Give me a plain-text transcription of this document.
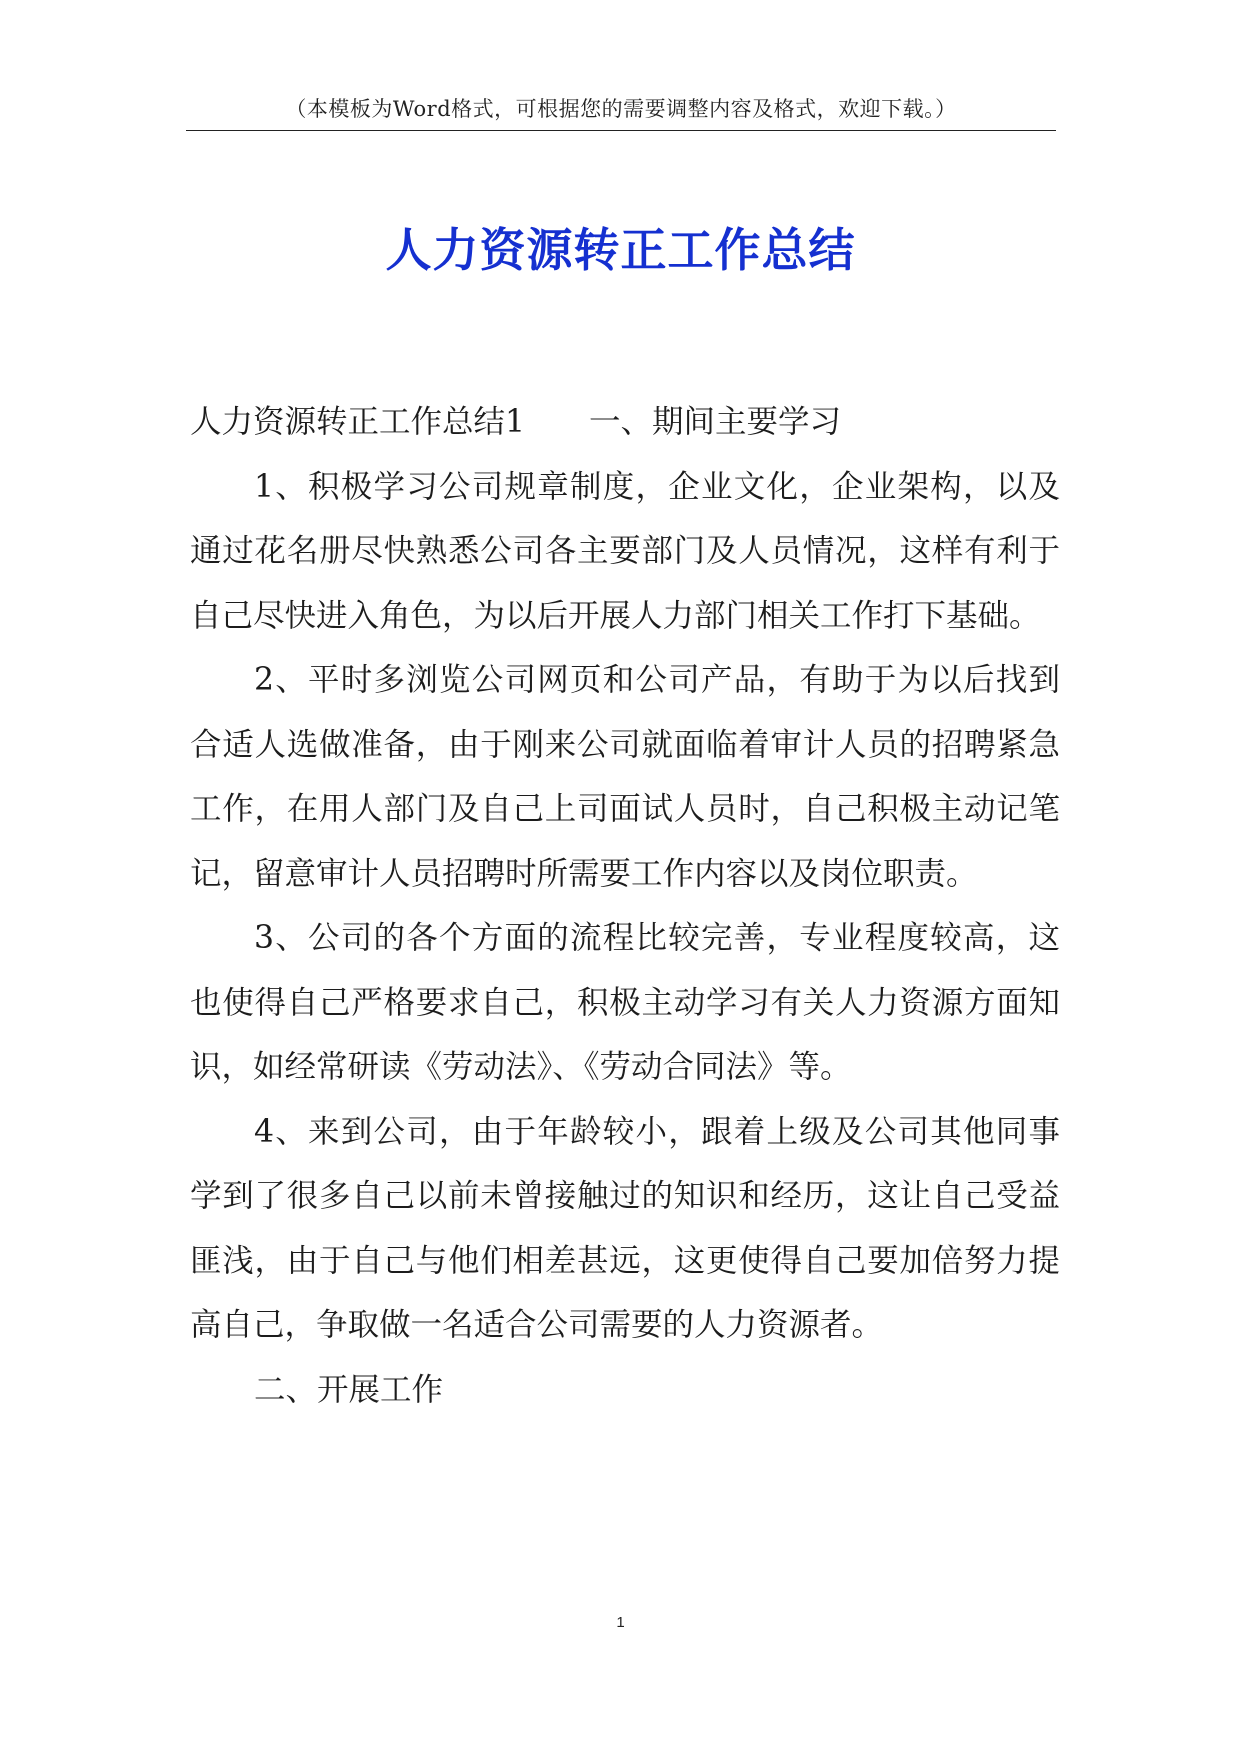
（本模板为Word格式，可根据您的需要调整内容及格式，欢迎下载。）
人力资源转正工作总结

人力资源转正工作总结1 一、期间主要学习

1、积极学习公司规章制度，企业文化，企业架构，以及通过花名册尽快熟悉公司各主要部门及人员情况，这样有利于自己尽快进入角色，为以后开展人力部门相关工作打下基础。

2、平时多浏览公司网页和公司产品，有助于为以后找到合适人选做准备，由于刚来公司就面临着审计人员的招聘紧急工作，在用人部门及自己上司面试人员时，自己积极主动记笔记，留意审计人员招聘时所需要工作内容以及岗位职责。

3、公司的各个方面的流程比较完善，专业程度较高，这也使得自己严格要求自己，积极主动学习有关人力资源方面知识，如经常研读《劳动法》、《劳动合同法》等。

4、来到公司，由于年龄较小，跟着上级及公司其他同事学到了很多自己以前未曾接触过的知识和经历，这让自己受益匪浅，由于自己与他们相差甚远，这更使得自己要加倍努力提高自己，争取做一名适合公司需要的人力资源者。

二、开展工作

1
